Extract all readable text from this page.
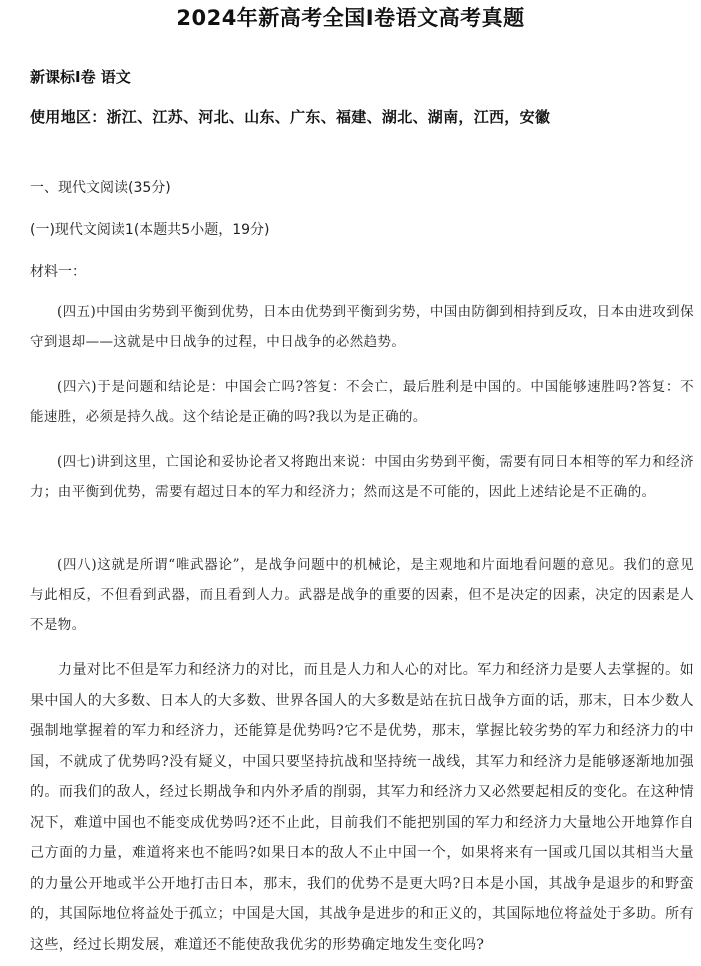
2024年新高考全国Ⅰ卷语文高考真题
新课标Ⅰ卷 语文
使用地区：浙江、江苏、河北、山东、广东、福建、湖北、湖南，江西，安徽
一、现代文阅读(35分)
(一)现代文阅读1(本题共5小题，19分)
材料一：

(四五)中国由劣势到平衡到优势，日本由优势到平衡到劣势，中国由防御到相持到反攻，日本由进攻到保守到退却——这就是中日战争的过程，中日战争的必然趋势。

(四六)于是问题和结论是：中国会亡吗?答复：不会亡，最后胜利是中国的。中国能够速胜吗?答复：不能速胜，必须是持久战。这个结论是正确的吗?我以为是正确的。

(四七)讲到这里，亡国论和妥协论者又将跑出来说：中国由劣势到平衡，需要有同日本相等的军力和经济力；由平衡到优势，需要有超过日本的军力和经济力；然而这是不可能的，因此上述结论是不正确的。

(四八)这就是所谓“唯武器论”，是战争问题中的机械论，是主观地和片面地看问题的意见。我们的意见与此相反，不但看到武器，而且看到人力。武器是战争的重要的因素，但不是决定的因素，决定的因素是人不是物。

力量对比不但是军力和经济力的对比，而且是人力和人心的对比。军力和经济力是要人去掌握的。如果中国人的大多数、日本人的大多数、世界各国人的大多数是站在抗日战争方面的话，那末，日本少数人强制地掌握着的军力和经济力，还能算是优势吗?它不是优势，那末，掌握比较劣势的军力和经济力的中国，不就成了优势吗?没有疑义，中国只要坚持抗战和坚持统一战线，其军力和经济力是能够逐渐地加强的。而我们的敌人，经过长期战争和内外矛盾的削弱，其军力和经济力又必然要起相反的变化。在这种情况下，难道中国也不能变成优势吗?还不止此，目前我们不能把别国的军力和经济力大量地公开地算作自己方面的力量，难道将来也不能吗?如果日本的敌人不止中国一个，如果将来有一国或几国以其相当大量的力量公开地或半公开地打击日本，那末，我们的优势不是更大吗?日本是小国，其战争是退步的和野蛮的，其国际地位将益处于孤立；中国是大国，其战争是进步的和正义的，其国际地位将益处于多助。所有这些，经过长期发展，难道还不能使敌我优劣的形势确定地发生变化吗?
